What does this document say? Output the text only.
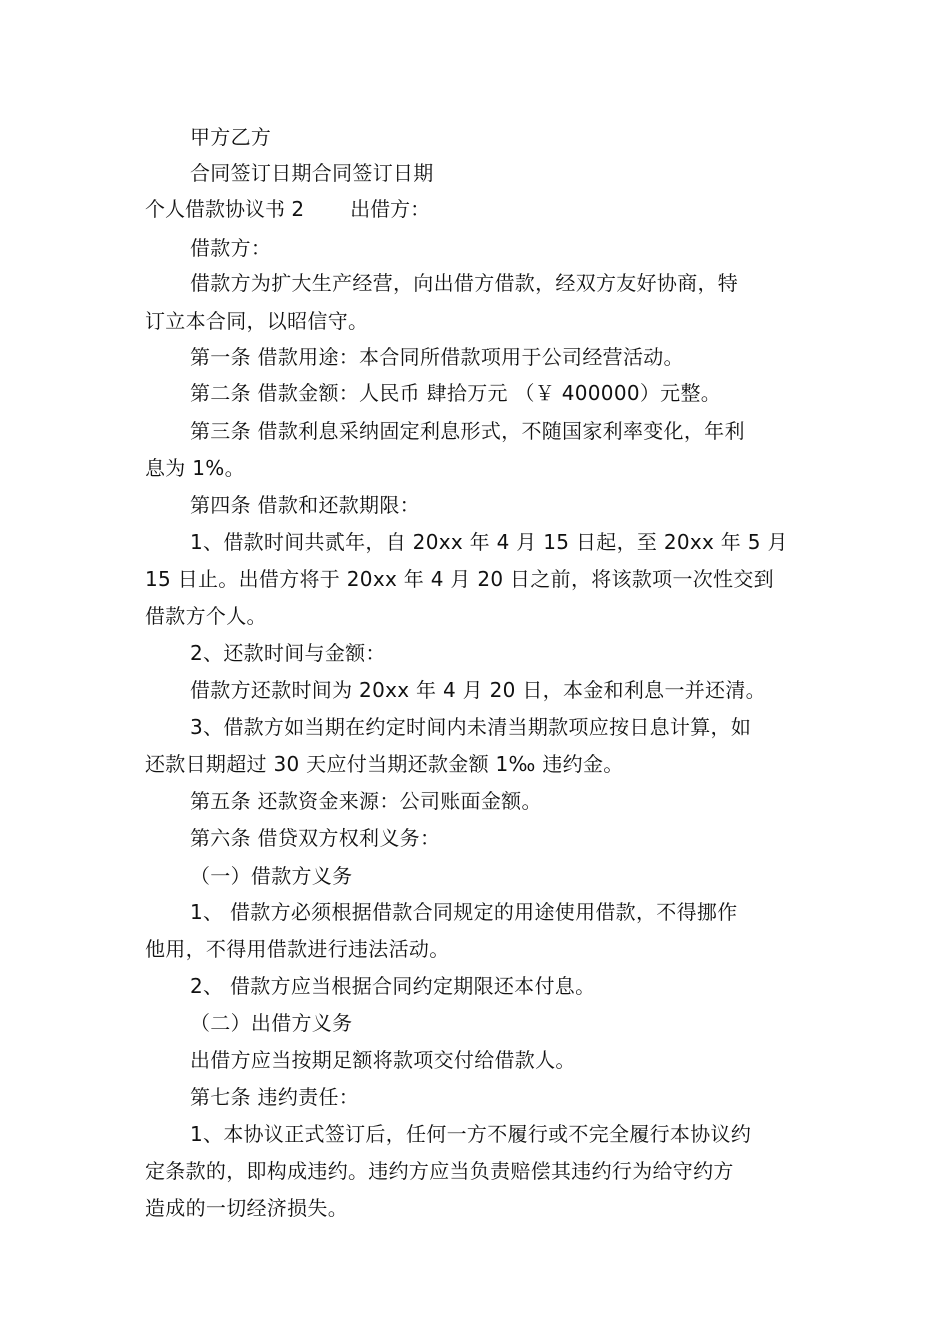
甲方乙方
合同签订日期合同签订日期
个人借款协议书 2 出借方：
借款方：
借款方为扩大生产经营，向出借方借款，经双方友好协商，特
订立本合同，以昭信守。
第一条 借款用途：本合同所借款项用于公司经营活动。
第二条 借款金额：人民币 肆拾万元 （￥ 400000）元整。
第三条 借款利息采纳固定利息形式，不随国家利率变化，年利
息为 1%。
第四条 借款和还款期限：
1、借款时间共贰年，自 20xx 年 4 月 15 日起，至 20xx 年 5 月
15 日止。出借方将于 20xx 年 4 月 20 日之前，将该款项一次性交到
借款方个人。
2、还款时间与金额：
借款方还款时间为 20xx 年 4 月 20 日，本金和利息一并还清。
3、借款方如当期在约定时间内未清当期款项应按日息计算，如
还款日期超过 30 天应付当期还款金额 1‰ 违约金。
第五条 还款资金来源：公司账面金额。
第六条 借贷双方权利义务：
（一）借款方义务
1、 借款方必须根据借款合同规定的用途使用借款，不得挪作
他用，不得用借款进行违法活动。
2、 借款方应当根据合同约定期限还本付息。
（二）出借方义务
出借方应当按期足额将款项交付给借款人。
第七条 违约责任：
1、本协议正式签订后，任何一方不履行或不完全履行本协议约
定条款的，即构成违约。违约方应当负责赔偿其违约行为给守约方
造成的一切经济损失。
